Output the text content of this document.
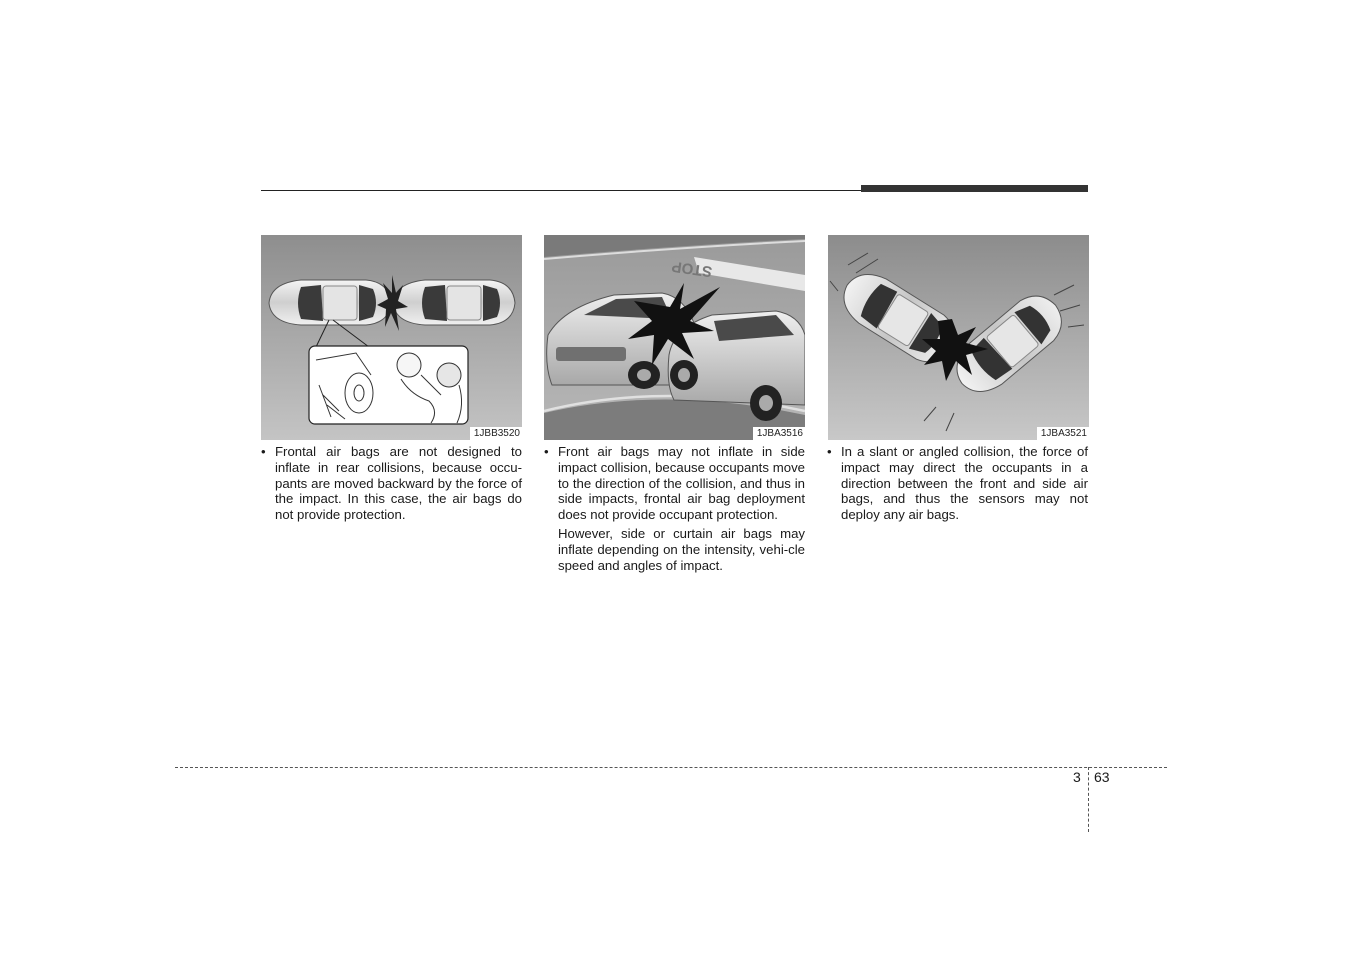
1JBB3520
STOP
1JBA3516	1JBA3521

• Frontal air bags are not designed to inflate in rear collisions, because occu-pants are moved backward by the force of the impact. In this case, the air bags do not provide protection.

• Front air bags may not inflate in side impact collision, because occupants move to the direction of the collision, and thus in side impacts, frontal air bag deployment does not provide occupant protection.

However, side or curtain air bags may inflate depending on the intensity, vehi-cle speed and angles of impact.

• In a slant or angled collision, the force of impact may direct the occupants in a direction between the front and side air bags, and thus the sensors may not deploy any air bags.

3 63
